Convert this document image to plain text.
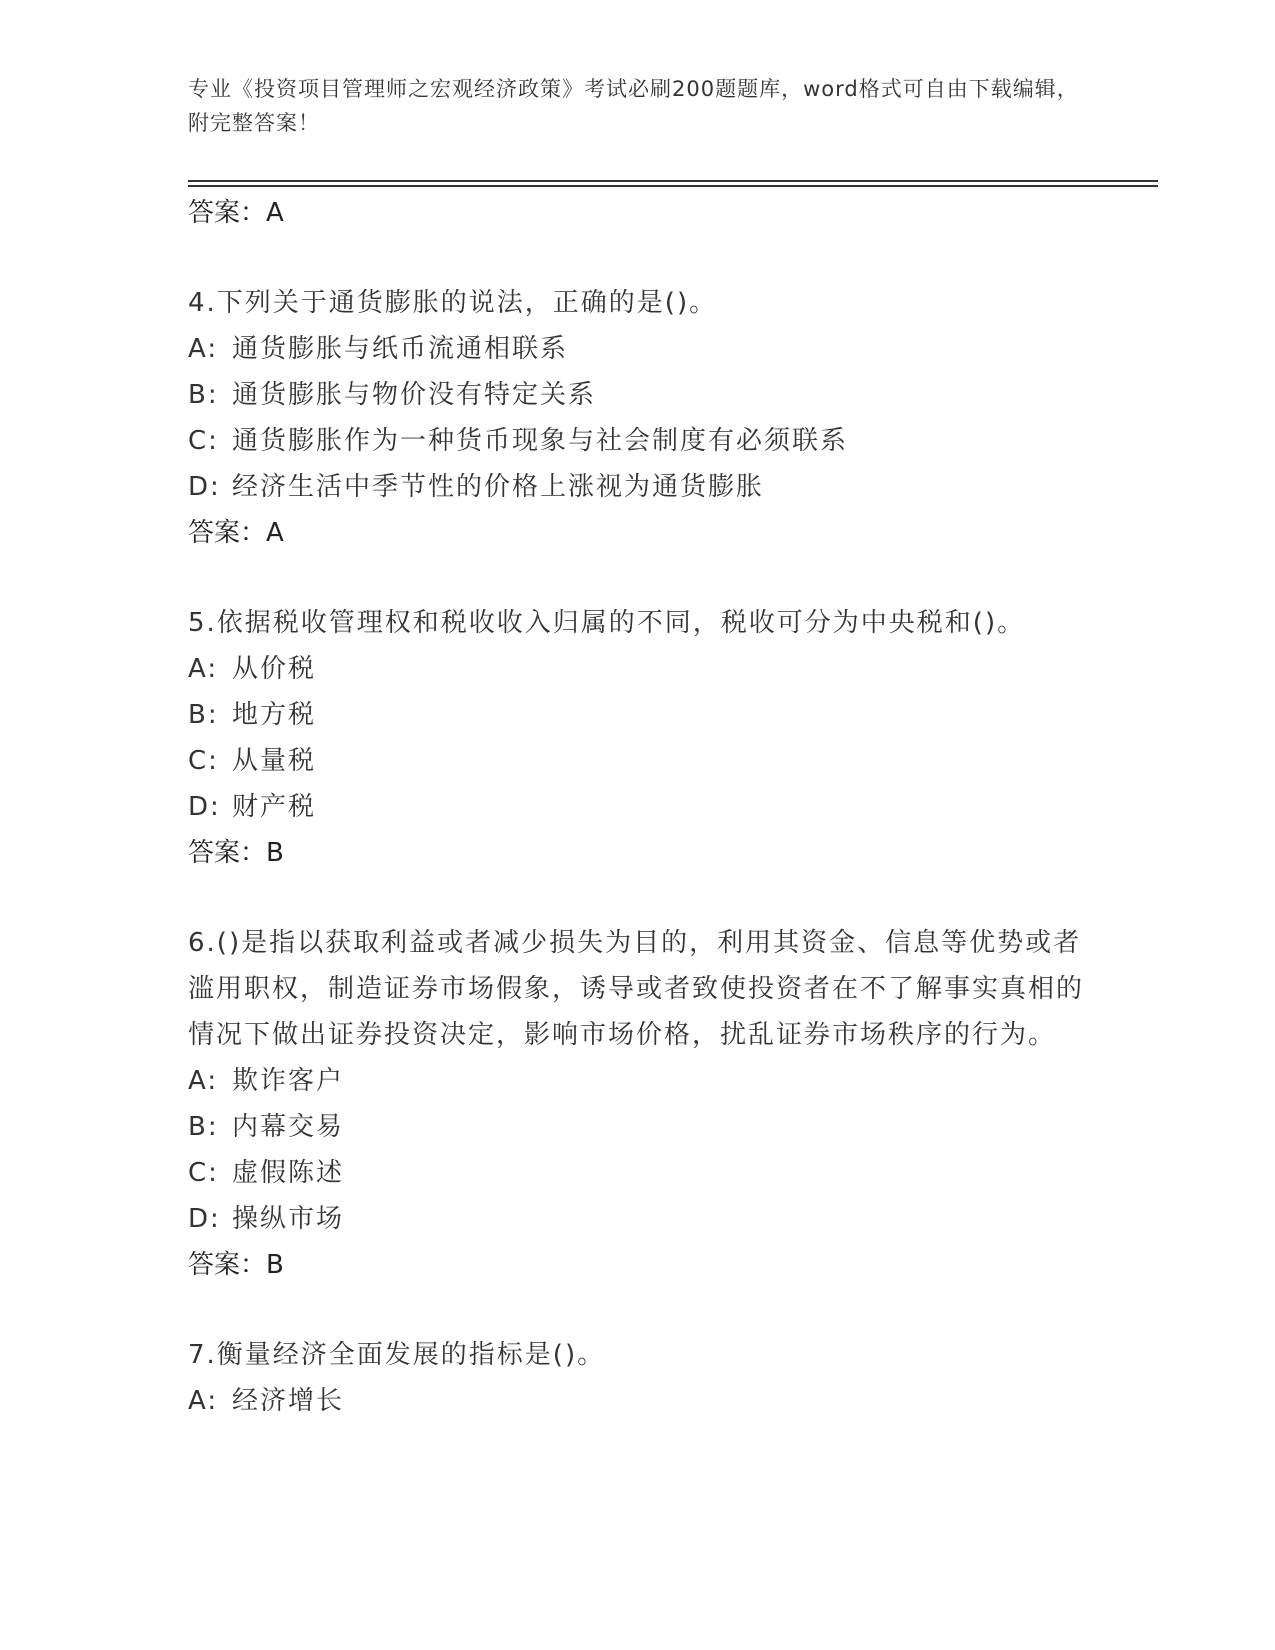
专业《投资项目管理师之宏观经济政策》考试必刷200题题库，word格式可自由下载编辑，附完整答案！

答案：A

4.下列关于通货膨胀的说法，正确的是()。

A: 通货膨胀与纸币流通相联系

B: 通货膨胀与物价没有特定关系

C: 通货膨胀作为一种货币现象与社会制度有必须联系

D: 经济生活中季节性的价格上涨视为通货膨胀

答案：A

5.依据税收管理权和税收收入归属的不同，税收可分为中央税和()。

A: 从价税

B: 地方税

C: 从量税

D: 财产税

答案：B

6.()是指以获取利益或者减少损失为目的，利用其资金、信息等优势或者滥用职权，制造证券市场假象，诱导或者致使投资者在不了解事实真相的情况下做出证券投资决定，影响市场价格，扰乱证券市场秩序的行为。

A: 欺诈客户

B: 内幕交易

C: 虚假陈述

D: 操纵市场

答案：B

7.衡量经济全面发展的指标是()。

A: 经济增长
